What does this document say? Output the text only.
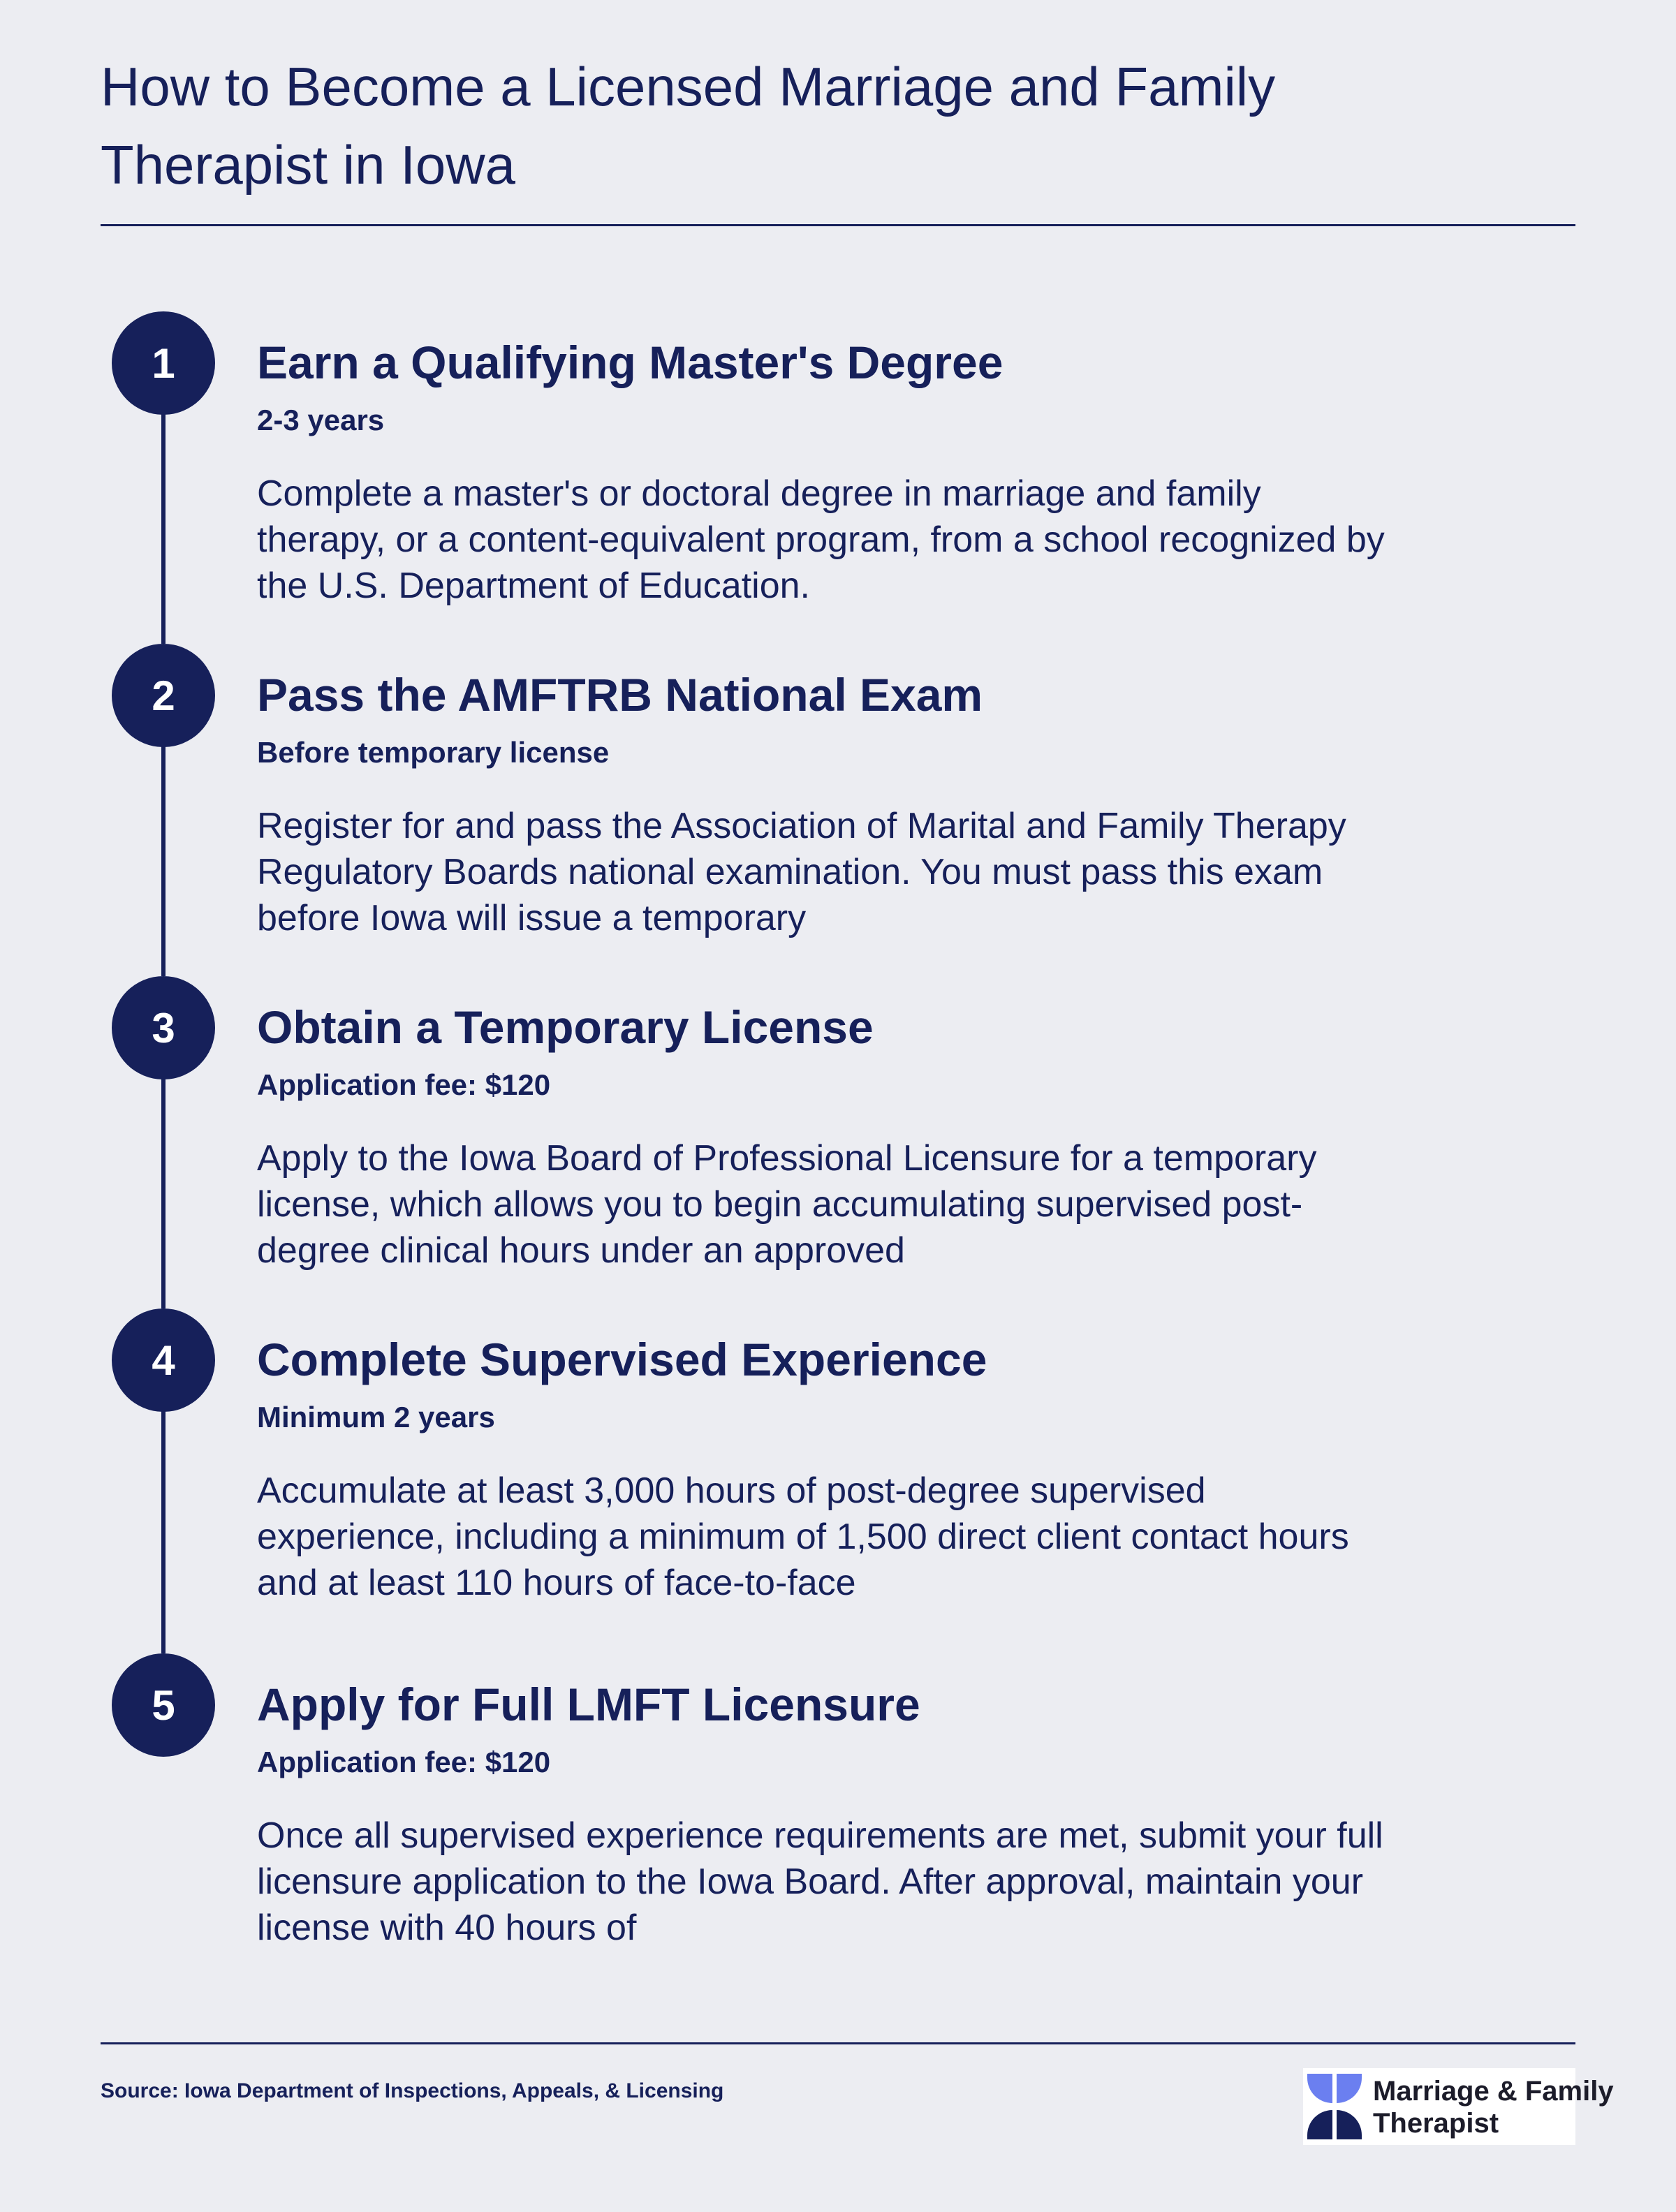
How to Become a Licensed Marriage and Family Therapist in Iowa
1	Earn a Qualifying Master's Degree
2-3 years
Complete a master's or doctoral degree in marriage and family therapy, or a content-equivalent program, from a school recognized by the U.S. Department of Education.
2	Pass the AMFTRB National Exam
Before temporary license
Register for and pass the Association of Marital and Family Therapy Regulatory Boards national examination. You must pass this exam before Iowa will issue a temporary
3	Obtain a Temporary License
Application fee: $120
Apply to the Iowa Board of Professional Licensure for a temporary license, which allows you to begin accumulating supervised post-degree clinical hours under an approved
4	Complete Supervised Experience
Minimum 2 years
Accumulate at least 3,000 hours of post-degree supervised experience, including a minimum of 1,500 direct client contact hours and at least 110 hours of face-to-face
5	Apply for Full LMFT Licensure
Application fee: $120
Once all supervised experience requirements are met, submit your full licensure application to the Iowa Board. After approval, maintain your license with 40 hours of
Source: Iowa Department of Inspections, Appeals, & Licensing	Marriage & Family
Therapist
